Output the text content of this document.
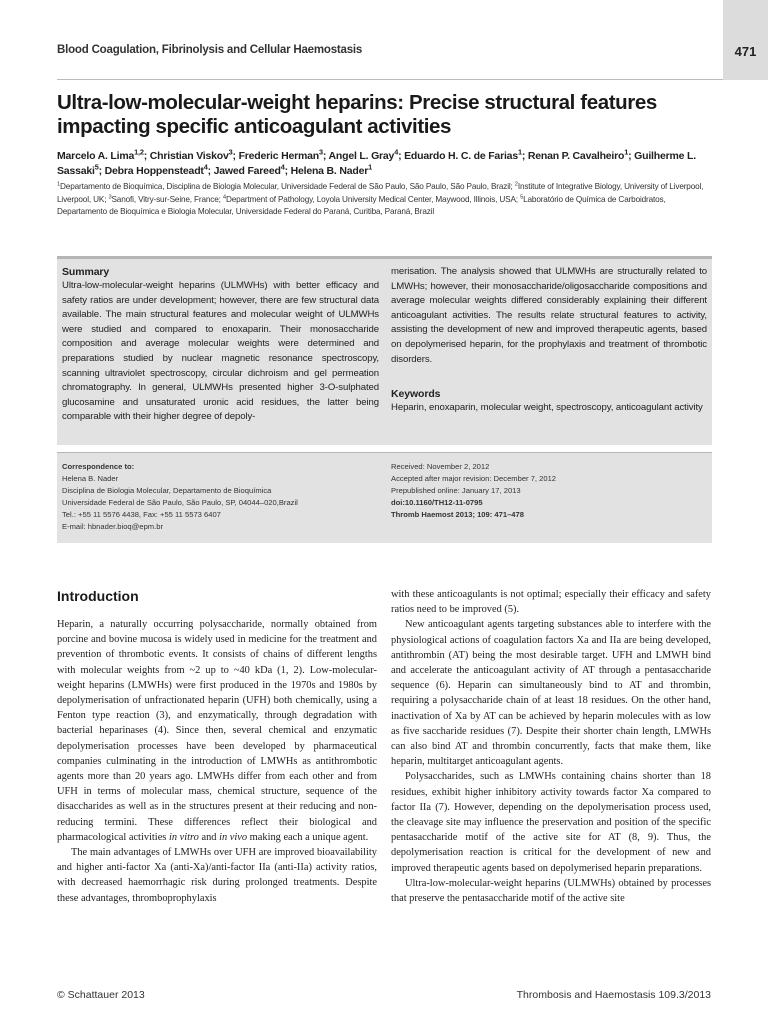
Blood Coagulation, Fibrinolysis and Cellular Haemostasis	471
Ultra-low-molecular-weight heparins: Precise structural features impacting specific anticoagulant activities
Marcelo A. Lima$^{1,2}$; Christian Viskov$^3$; Frederic Herman$^3$; Angel L. Gray$^4$; Eduardo H. C. de Farias$^1$; Renan P. Cavalheiro$^1$; Guilherme L. Sassaki$^5$; Debra Hoppensteadt$^4$; Jawed Fareed$^4$; Helena B. Nader$^1$
$^1$Departamento de Bioquímica, Disciplina de Biologia Molecular, Universidade Federal de São Paulo, São Paulo, São Paulo, Brazil; $^2$Institute of Integrative Biology, University of Liverpool, Liverpool, UK; $^3$Sanofi, Vitry-sur-Seine, France; $^4$Department of Pathology, Loyola University Medical Center, Maywood, Illinois, USA; $^5$Laboratório de Química de Carboidratos, Departamento de Bioquímica e Biologia Molecular, Universidade Federal do Paraná, Curitiba, Paraná, Brazil
Summary
Ultra-low-molecular-weight heparins (ULMWHs) with better efficacy and safety ratios are under development; however, there are few structural data available. The main structural features and molecular weight of ULMWHs were studied and compared to enoxaparin. Their monosaccharide composition and average molecular weights were determined and preparations studied by nuclear magnetic resonance spectroscopy, scanning ultraviolet spectroscopy, circular dichroism and gel permeation chromatography. In general, ULMWHs presented higher 3-O-sulphated glucosamine and unsaturated uronic acid residues, the latter being comparable with their higher degree of depoly-
merisation. The analysis showed that ULMWHs are structurally related to LMWHs; however, their monosaccharide/oligosaccharide compositions and average molecular weights differed considerably explaining their different anticoagulant activities. The results relate structural features to activity, assisting the development of new and improved therapeutic agents, based on depolymerised heparin, for the prophylaxis and treatment of thrombotic disorders.
Keywords
Heparin, enoxaparin, molecular weight, spectroscopy, anticoagulant activity
Correspondence to:
Helena B. Nader
Disciplina de Biologia Molecular, Departamento de Bioquímica
Universidade Federal de São Paulo, São Paulo, SP, 04044–020,Brazil
Tel.: +55 11 5576 4438, Fax: +55 11 5573 6407
E-mail: hbnader.bioq@epm.br
Received: November 2, 2012
Accepted after major revision: December 7, 2012
Prepublished online: January 17, 2013
doi:10.1160/TH12-11-0795
Thromb Haemost 2013; 109: 471–478
Introduction

Heparin, a naturally occurring polysaccharide, normally obtained from porcine and bovine mucosa is widely used in medicine for the treatment and prevention of thrombotic events. It consists of chains of different lengths with molecular weights from ~2 up to ~40 kDa (1, 2). Low-molecular-weight heparins (LMWHs) were first produced in the 1970s and 1980s by depolymerisation of unfractionated heparin (UFH) both chemically, using a Fenton type reaction (3), and enzymatically, through degradation with bacterial heparinases (4). Since then, several chemical and enzymatic depolymerisation processes have been developed by pharmaceutical companies culminating in the introduction of LMWHs as antithrombotic agents more than 20 years ago. LMWHs differ from each other and from UFH in terms of molecular mass, chemical structure, sequence of the disaccharides as well as in the structures present at their reducing and non-reducing termini. These differences reflect their biological and pharmacological activities in vitro and in vivo making each a unique agent.

The main advantages of LMWHs over UFH are improved bioavailability and higher anti-factor Xa (anti-Xa)/anti-factor IIa (anti-IIa) activity ratios, with decreased haemorrhagic risk during prolonged treatments. Despite these advantages, thromboprophylaxis

with these anticoagulants is not optimal; especially their efficacy and safety ratios need to be improved (5).

New anticoagulant agents targeting substances able to interfere with the physiological actions of coagulation factors Xa and IIa are being developed, antithrombin (AT) being the most desirable target. UFH and LMWH bind and accelerate the anticoagulant activity of AT through a pentasaccharide sequence (6). Heparin can simultaneously bind to AT and thrombin, requiring a polysaccharide chain of at least 18 residues. On the other hand, inactivation of Xa by AT can be achieved by heparin molecules with as low as five saccharide residues (7). Despite their shorter chain length, LMWHs can also bind AT and thrombin concurrently, facts that make them, like heparin, multitarget anticoagulant agents.

Polysaccharides, such as LMWHs containing chains shorter than 18 residues, exhibit higher inhibitory activity towards factor Xa compared to factor IIa (7). However, depending on the depolymerisation process used, the cleavage site may influence the preservation and position of the specific pentasaccharide motif of the active site for AT (8, 9). Thus, the depolymerisation reaction is critical for the development of new and improved therapeutic agents based on depolymerised heparin preparations.

Ultra-low-molecular-weight heparins (ULMWHs) obtained by processes that preserve the pentasaccharide motif of the active site

© Schattauer 2013	Thrombosis and Haemostasis 109.3/2013
